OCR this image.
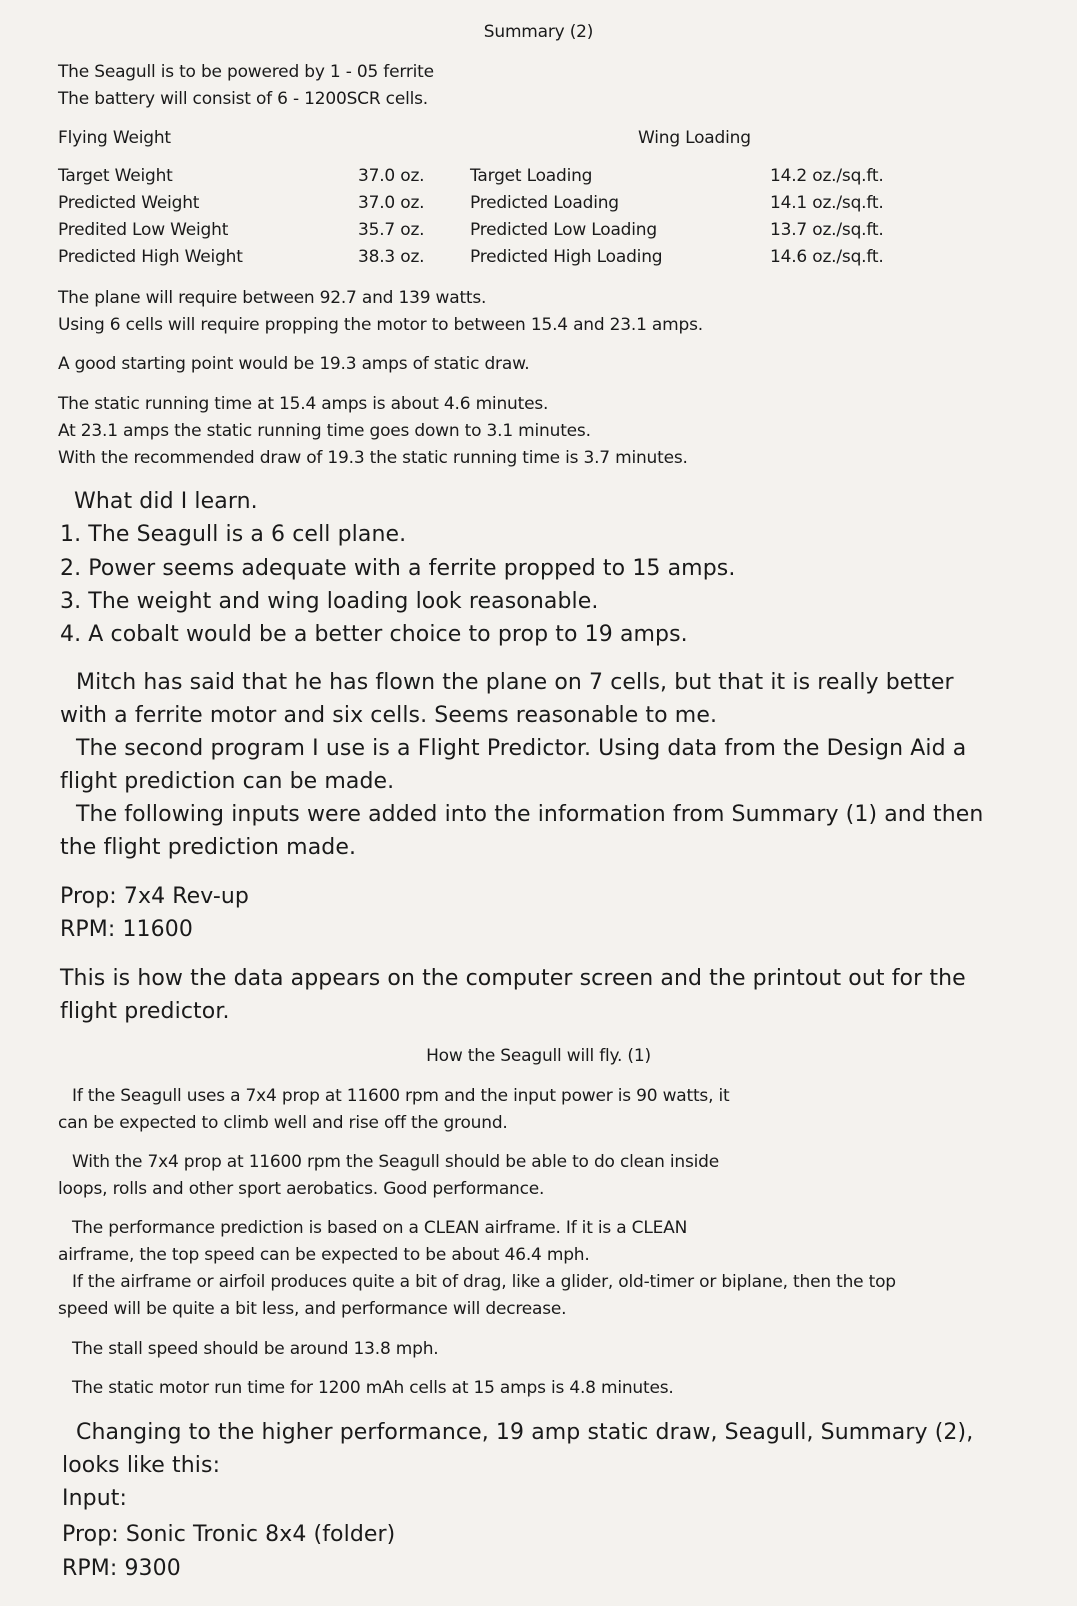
Summary (2)
The Seagull is to be powered by 1 - 05 ferrite
The battery will consist of 6 - 1200SCR cells.
Flying Weight	Wing Loading
Target Weight	37.0 oz.	Target Loading	14.2 oz./sq.ft.
Predicted Weight	37.0 oz.	Predicted Loading	14.1 oz./sq.ft.
Predited Low Weight	35.7 oz.	Predicted Low Loading	13.7 oz./sq.ft.
Predicted High Weight	38.3 oz.	Predicted High Loading	14.6 oz./sq.ft.
The plane will require between 92.7 and 139 watts.
Using 6 cells will require propping the motor to between 15.4 and 23.1 amps.
A good starting point would be 19.3 amps of static draw.
The static running time at 15.4 amps is about 4.6 minutes.
At 23.1 amps the static running time goes down to 3.1 minutes.
With the recommended draw of 19.3 the static running time is 3.7 minutes.
What did I learn.
1. The Seagull is a 6 cell plane.
2. Power seems adequate with a ferrite propped to 15 amps.
3. The weight and wing loading look reasonable.
4. A cobalt would be a better choice to prop to 19 amps.
Mitch has said that he has flown the plane on 7 cells, but that it is really better
with a ferrite motor and six cells. Seems reasonable to me.
The second program I use is a Flight Predictor. Using data from the Design Aid a
flight prediction can be made.
The following inputs were added into the information from Summary (1) and then
the flight prediction made.
Prop: 7x4 Rev-up
RPM: 11600
This is how the data appears on the computer screen and the printout out for the
flight predictor.
How the Seagull will fly. (1)
If the Seagull uses a 7x4 prop at 11600 rpm and the input power is 90 watts, it
can be expected to climb well and rise off the ground.
With the 7x4 prop at 11600 rpm the Seagull should be able to do clean inside
loops, rolls and other sport aerobatics. Good performance.
The performance prediction is based on a CLEAN airframe. If it is a CLEAN
airframe, the top speed can be expected to be about 46.4 mph.
If the airframe or airfoil produces quite a bit of drag, like a glider, old-timer or biplane, then the top
speed will be quite a bit less, and performance will decrease.
The stall speed should be around 13.8 mph.
The static motor run time for 1200 mAh cells at 15 amps is 4.8 minutes.
Changing to the higher performance, 19 amp static draw, Seagull, Summary (2),
looks like this:
Input:
Prop: Sonic Tronic 8x4 (folder)
RPM: 9300
